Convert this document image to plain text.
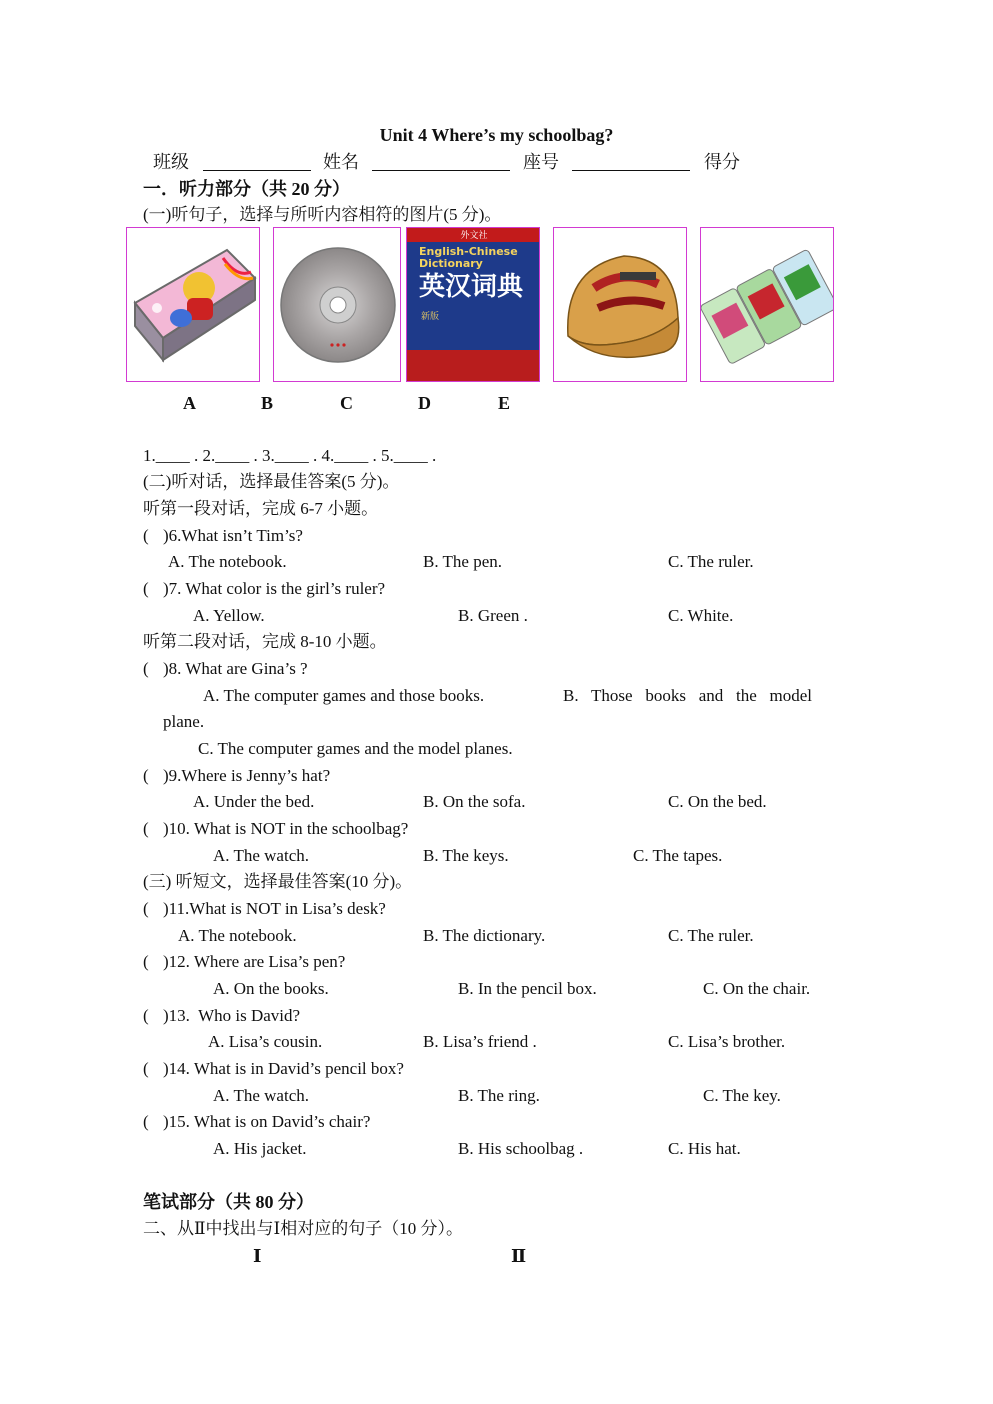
Unit 4 Where’s my schoolbag?
班级	姓名	座号	得分
一．听力部分（共 20 分）
(一)听句子，选择与所听内容相符的图片(5 分)。
外文社
English-Chinese Dictionary
英汉词典
新版
A	B	C	D	E
1.____ . 2.____ . 3.____ . 4.____ . 5.____ .
(二)听对话，选择最佳答案(5 分)。
听第一段对话，完成 6-7 小题。
( )6.What isn’t Tim’s?
A. The notebook.	B. The pen.	C. The ruler.
( )7. What color is the girl’s ruler?
A. Yellow.	B. Green .	C. White.
听第二段对话，完成 8-10 小题。
( )8. What are Gina’s ?
A. The computer games and those books.	B.   Those   books   and   the   model
plane.
C. The computer games and the model planes.
( )9.Where is Jenny’s hat?
A. Under the bed.	B. On the sofa.	C. On the bed.
( )10. What is NOT in the schoolbag?
A. The watch.	B. The keys.	C. The tapes.
(三) 听短文，选择最佳答案(10 分)。
( )11.What is NOT in Lisa’s desk?
A. The notebook.	B. The dictionary.	C. The ruler.
( )12. Where are Lisa’s pen?
A. On the books.	B. In the pencil box.	C. On the chair.
( )13.  Who is David?
A. Lisa’s cousin.	B. Lisa’s friend .	C. Lisa’s brother.
( )14. What is in David’s pencil box?
A. The watch.	B. The ring.	C. The key.
( )15. What is on David’s chair?
A. His jacket.	B. His schoolbag .	C. His hat.
笔试部分（共 80 分）
二、从Ⅱ中找出与Ⅰ相对应的句子（10 分）。
Ⅰ	Ⅱ
